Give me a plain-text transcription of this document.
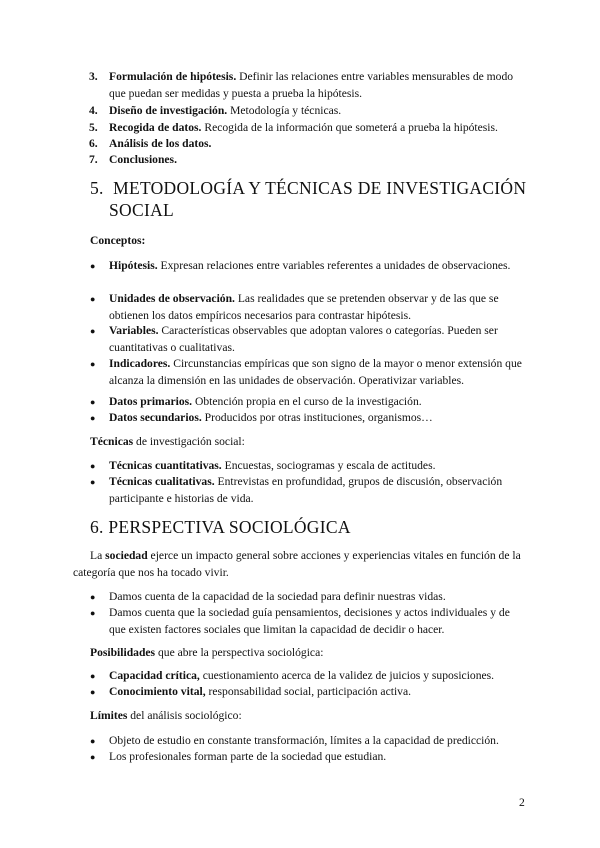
3. Formulación de hipótesis. Definir las relaciones entre variables mensurables de modo que puedan ser medidas y puesta a prueba la hipótesis.
4. Diseño de investigación. Metodología y técnicas.
5. Recogida de datos. Recogida de la información que someterá a prueba la hipótesis.
6. Análisis de los datos.
7. Conclusiones.
5. METODOLOGÍA Y TÉCNICAS DE INVESTIGACIÓN
SOCIAL
Conceptos:
● Hipótesis. Expresan relaciones entre variables referentes a unidades de observaciones.
● Unidades de observación. Las realidades que se pretenden observar y de las que se obtienen los datos empíricos necesarios para contrastar hipótesis.
● Variables. Características observables que adoptan valores o categorías. Pueden ser cuantitativas o cualitativas.
● Indicadores. Circunstancias empíricas que son signo de la mayor o menor extensión que alcanza la dimensión en las unidades de observación. Operativizar variables.
● Datos primarios. Obtención propia en el curso de la investigación.
● Datos secundarios. Producidos por otras instituciones, organismos…
Técnicas de investigación social:
● Técnicas cuantitativas. Encuestas, sociogramas y escala de actitudes.
● Técnicas cualitativas. Entrevistas en profundidad, grupos de discusión, observación participante e historias de vida.
6. PERSPECTIVA SOCIOLÓGICA
La sociedad ejerce un impacto general sobre acciones y experiencias vitales en función de la categoría que nos ha tocado vivir.
● Damos cuenta de la capacidad de la sociedad para definir nuestras vidas.
● Damos cuenta que la sociedad guía pensamientos, decisiones y actos individuales y de que existen factores sociales que limitan la capacidad de decidir o hacer.
Posibilidades que abre la perspectiva sociológica:
● Capacidad crítica, cuestionamiento acerca de la validez de juicios y suposiciones.
● Conocimiento vital, responsabilidad social, participación activa.
Límites del análisis sociológico:
● Objeto de estudio en constante transformación, límites a la capacidad de predicción.
● Los profesionales forman parte de la sociedad que estudian.
2
